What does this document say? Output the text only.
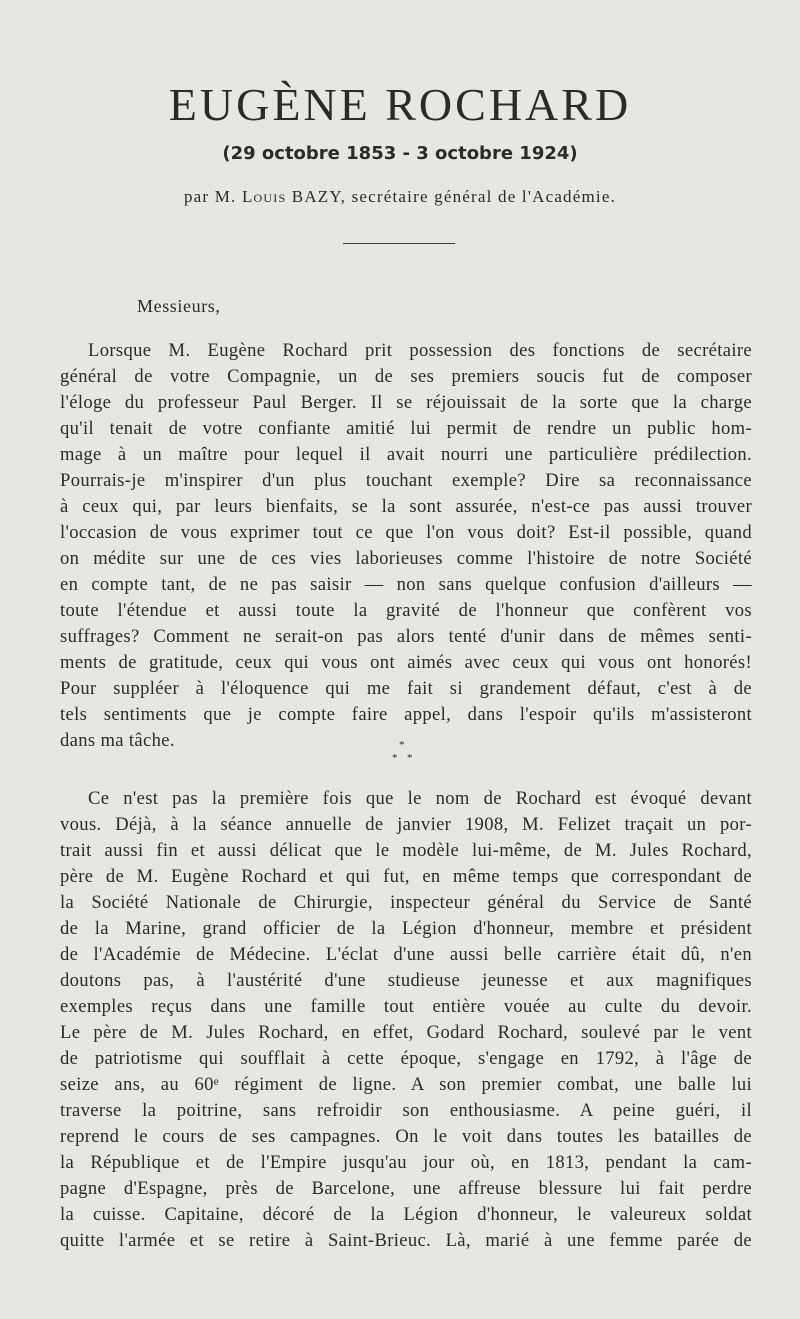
EUGÈNE ROCHARD
(29 octobre 1853 - 3 octobre 1924)
par M. Louis BAZY, secrétaire général de l'Académie.
Messieurs,
Lorsque M. Eugène Rochard prit possession des fonctions de secrétaire
général de votre Compagnie, un de ses premiers soucis fut de composer
l'éloge du professeur Paul Berger. Il se réjouissait de la sorte que la charge
qu'il tenait de votre confiante amitié lui permit de rendre un public hom-
mage à un maître pour lequel il avait nourri une particulière prédilection.
Pourrais-je m'inspirer d'un plus touchant exemple? Dire sa reconnaissance
à ceux qui, par leurs bienfaits, se la sont assurée, n'est-ce pas aussi trouver
l'occasion de vous exprimer tout ce que l'on vous doit? Est-il possible, quand
on médite sur une de ces vies laborieuses comme l'histoire de notre Société
en compte tant, de ne pas saisir — non sans quelque confusion d'ailleurs —
toute l'étendue et aussi toute la gravité de l'honneur que confèrent vos
suffrages? Comment ne serait-on pas alors tenté d'unir dans de mêmes senti-
ments de gratitude, ceux qui vous ont aimés avec ceux qui vous ont honorés!
Pour suppléer à l'éloquence qui me fait si grandement défaut, c'est à de
tels sentiments que je compte faire appel, dans l'espoir qu'ils m'assisteront
dans ma tâche.	*
* *
Ce n'est pas la première fois que le nom de Rochard est évoqué devant
vous. Déjà, à la séance annuelle de janvier 1908, M. Felizet traçait un por-
trait aussi fin et aussi délicat que le modèle lui-même, de M. Jules Rochard,
père de M. Eugène Rochard et qui fut, en même temps que correspondant de
la Société Nationale de Chirurgie, inspecteur général du Service de Santé
de la Marine, grand officier de la Légion d'honneur, membre et président
de l'Académie de Médecine. L'éclat d'une aussi belle carrière était dû, n'en
doutons pas, à l'austérité d'une studieuse jeunesse et aux magnifiques
exemples reçus dans une famille tout entière vouée au culte du devoir.
Le père de M. Jules Rochard, en effet, Godard Rochard, soulevé par le vent
de patriotisme qui soufflait à cette époque, s'engage en 1792, à l'âge de
seize ans, au 60ᵉ régiment de ligne. A son premier combat, une balle lui
traverse la poitrine, sans refroidir son enthousiasme. A peine guéri, il
reprend le cours de ses campagnes. On le voit dans toutes les batailles de
la République et de l'Empire jusqu'au jour où, en 1813, pendant la cam-
pagne d'Espagne, près de Barcelone, une affreuse blessure lui fait perdre
la cuisse. Capitaine, décoré de la Légion d'honneur, le valeureux soldat
quitte l'armée et se retire à Saint-Brieuc. Là, marié à une femme parée de
